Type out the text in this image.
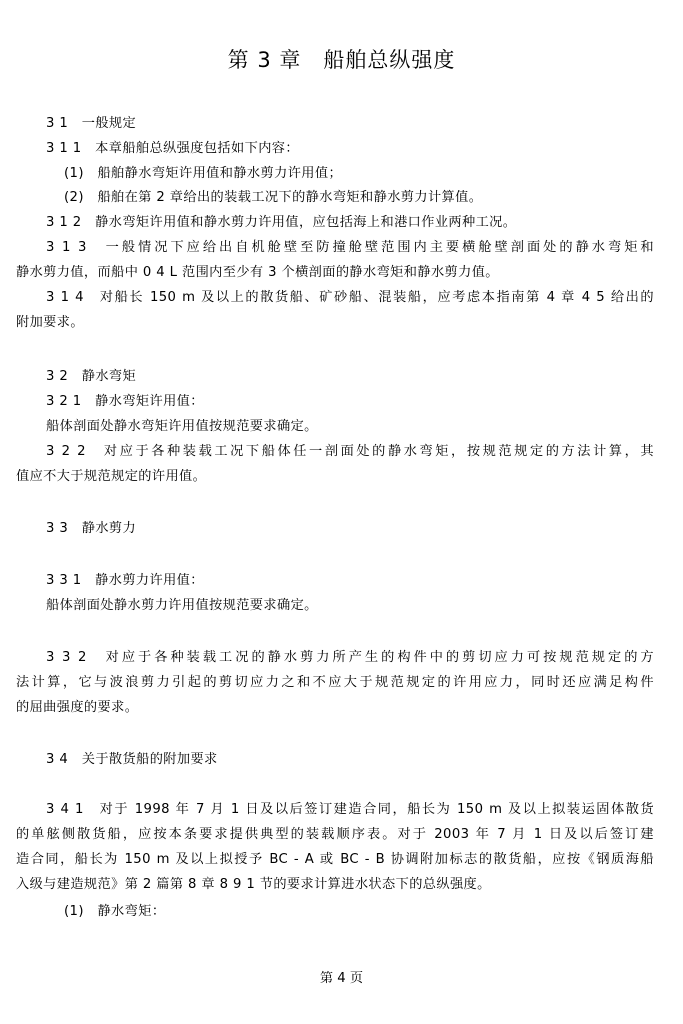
第 3 章　船舶总纵强度
3 1　一般规定
3 1 1　本章船舶总纵强度包括如下内容：
(1)　船舶静水弯矩许用值和静水剪力许用值；
(2)　船舶在第 2 章给出的装载工况下的静水弯矩和静水剪力计算值。
3 1 2　静水弯矩许用值和静水剪力许用值，应包括海上和港口作业两种工况。
3 1 3　一般情况下应给出自机舱壁至防撞舱壁范围内主要横舱壁剖面处的静水弯矩和
静水剪力值，而船中 0 4 L 范围内至少有 3 个横剖面的静水弯矩和静水剪力值。
3 1 4　对船长 150 m 及以上的散货船、矿砂船、混装船，应考虑本指南第 4 章 4 5 给出的
附加要求。
3 2　静水弯矩
3 2 1　静水弯矩许用值：
船体剖面处静水弯矩许用值按规范要求确定。
3 2 2　对应于各种装载工况下船体任一剖面处的静水弯矩，按规范规定的方法计算，其
值应不大于规范规定的许用值。
3 3　静水剪力
3 3 1　静水剪力许用值：
船体剖面处静水剪力许用值按规范要求确定。
3 3 2　对应于各种装载工况的静水剪力所产生的构件中的剪切应力可按规范规定的方
法计算，它与波浪剪力引起的剪切应力之和不应大于规范规定的许用应力，同时还应满足构件
的屈曲强度的要求。
3 4　关于散货船的附加要求
3 4 1　对于 1998 年 7 月 1 日及以后签订建造合同，船长为 150 m 及以上拟装运固体散货
的单舷侧散货船，应按本条要求提供典型的装载顺序表。对于 2003 年 7 月 1 日及以后签订建
造合同，船长为 150 m 及以上拟授予 BC - A 或 BC - B 协调附加标志的散货船，应按《钢质海船
入级与建造规范》第 2 篇第 8 章 8 9 1 节的要求计算进水状态下的总纵强度。
(1)　静水弯矩：
第 4 页
